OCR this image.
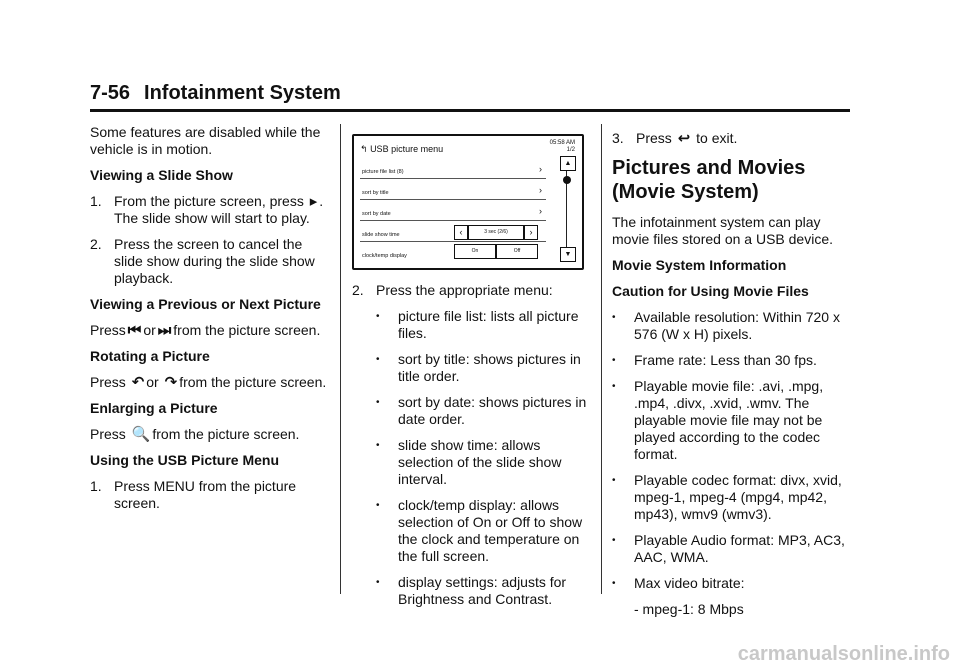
7-56 Infotainment System

Some features are disabled while the vehicle is in motion.

Viewing a Slide Show
1. From the picture screen, press ▸ . The slide show will start to play.
2. Press the screen to cancel the slide show during the slide show playback.
Viewing a Previous or Next Picture

Press ⏮ or ⏭ from the picture screen.

Rotating a Picture

Press ↶ or ↷ from the picture screen.

Enlarging a Picture

Press 🔍 from the picture screen.

Using the USB Picture Menu
1. Press MENU from the picture screen.
↰ USB picture menu
05:58 AM
1/2
picture file list (8)	›
sort by title	›
sort by date	›
slide show time
clock/temp display
‹	3 sec (2/6)	›
On	Off
▲
▼
2. Press the appropriate menu:
•	picture file list: lists all picture files.
•	sort by title: shows pictures in title order.
•	sort by date: shows pictures in date order.
•	slide show time: allows selection of the slide show interval.
•	clock/temp display: allows selection of On or Off to show the clock and temperature on the full screen.
•	display settings: adjusts for Brightness and Contrast.
3. Press ↩ to exit.
Pictures and Movies (Movie System)

The infotainment system can play movie files stored on a USB device.

Movie System Information
Caution for Using Movie Files
•	Available resolution: Within 720 x 576 (W x H) pixels.
•	Frame rate: Less than 30 fps.
•	Playable movie file: .avi, .mpg, .mp4, .divx, .xvid, .wmv. The playable movie file may not be played according to the codec format.
•	Playable codec format: divx, xvid, mpeg-1, mpeg-4 (mpg4, mp42, mp43), wmv9 (wmv3).
•	Playable Audio format: MP3, AC3, AAC, WMA.
•	Max video bitrate:
- mpeg-1: 8 Mbps
carmanualsonline.info
